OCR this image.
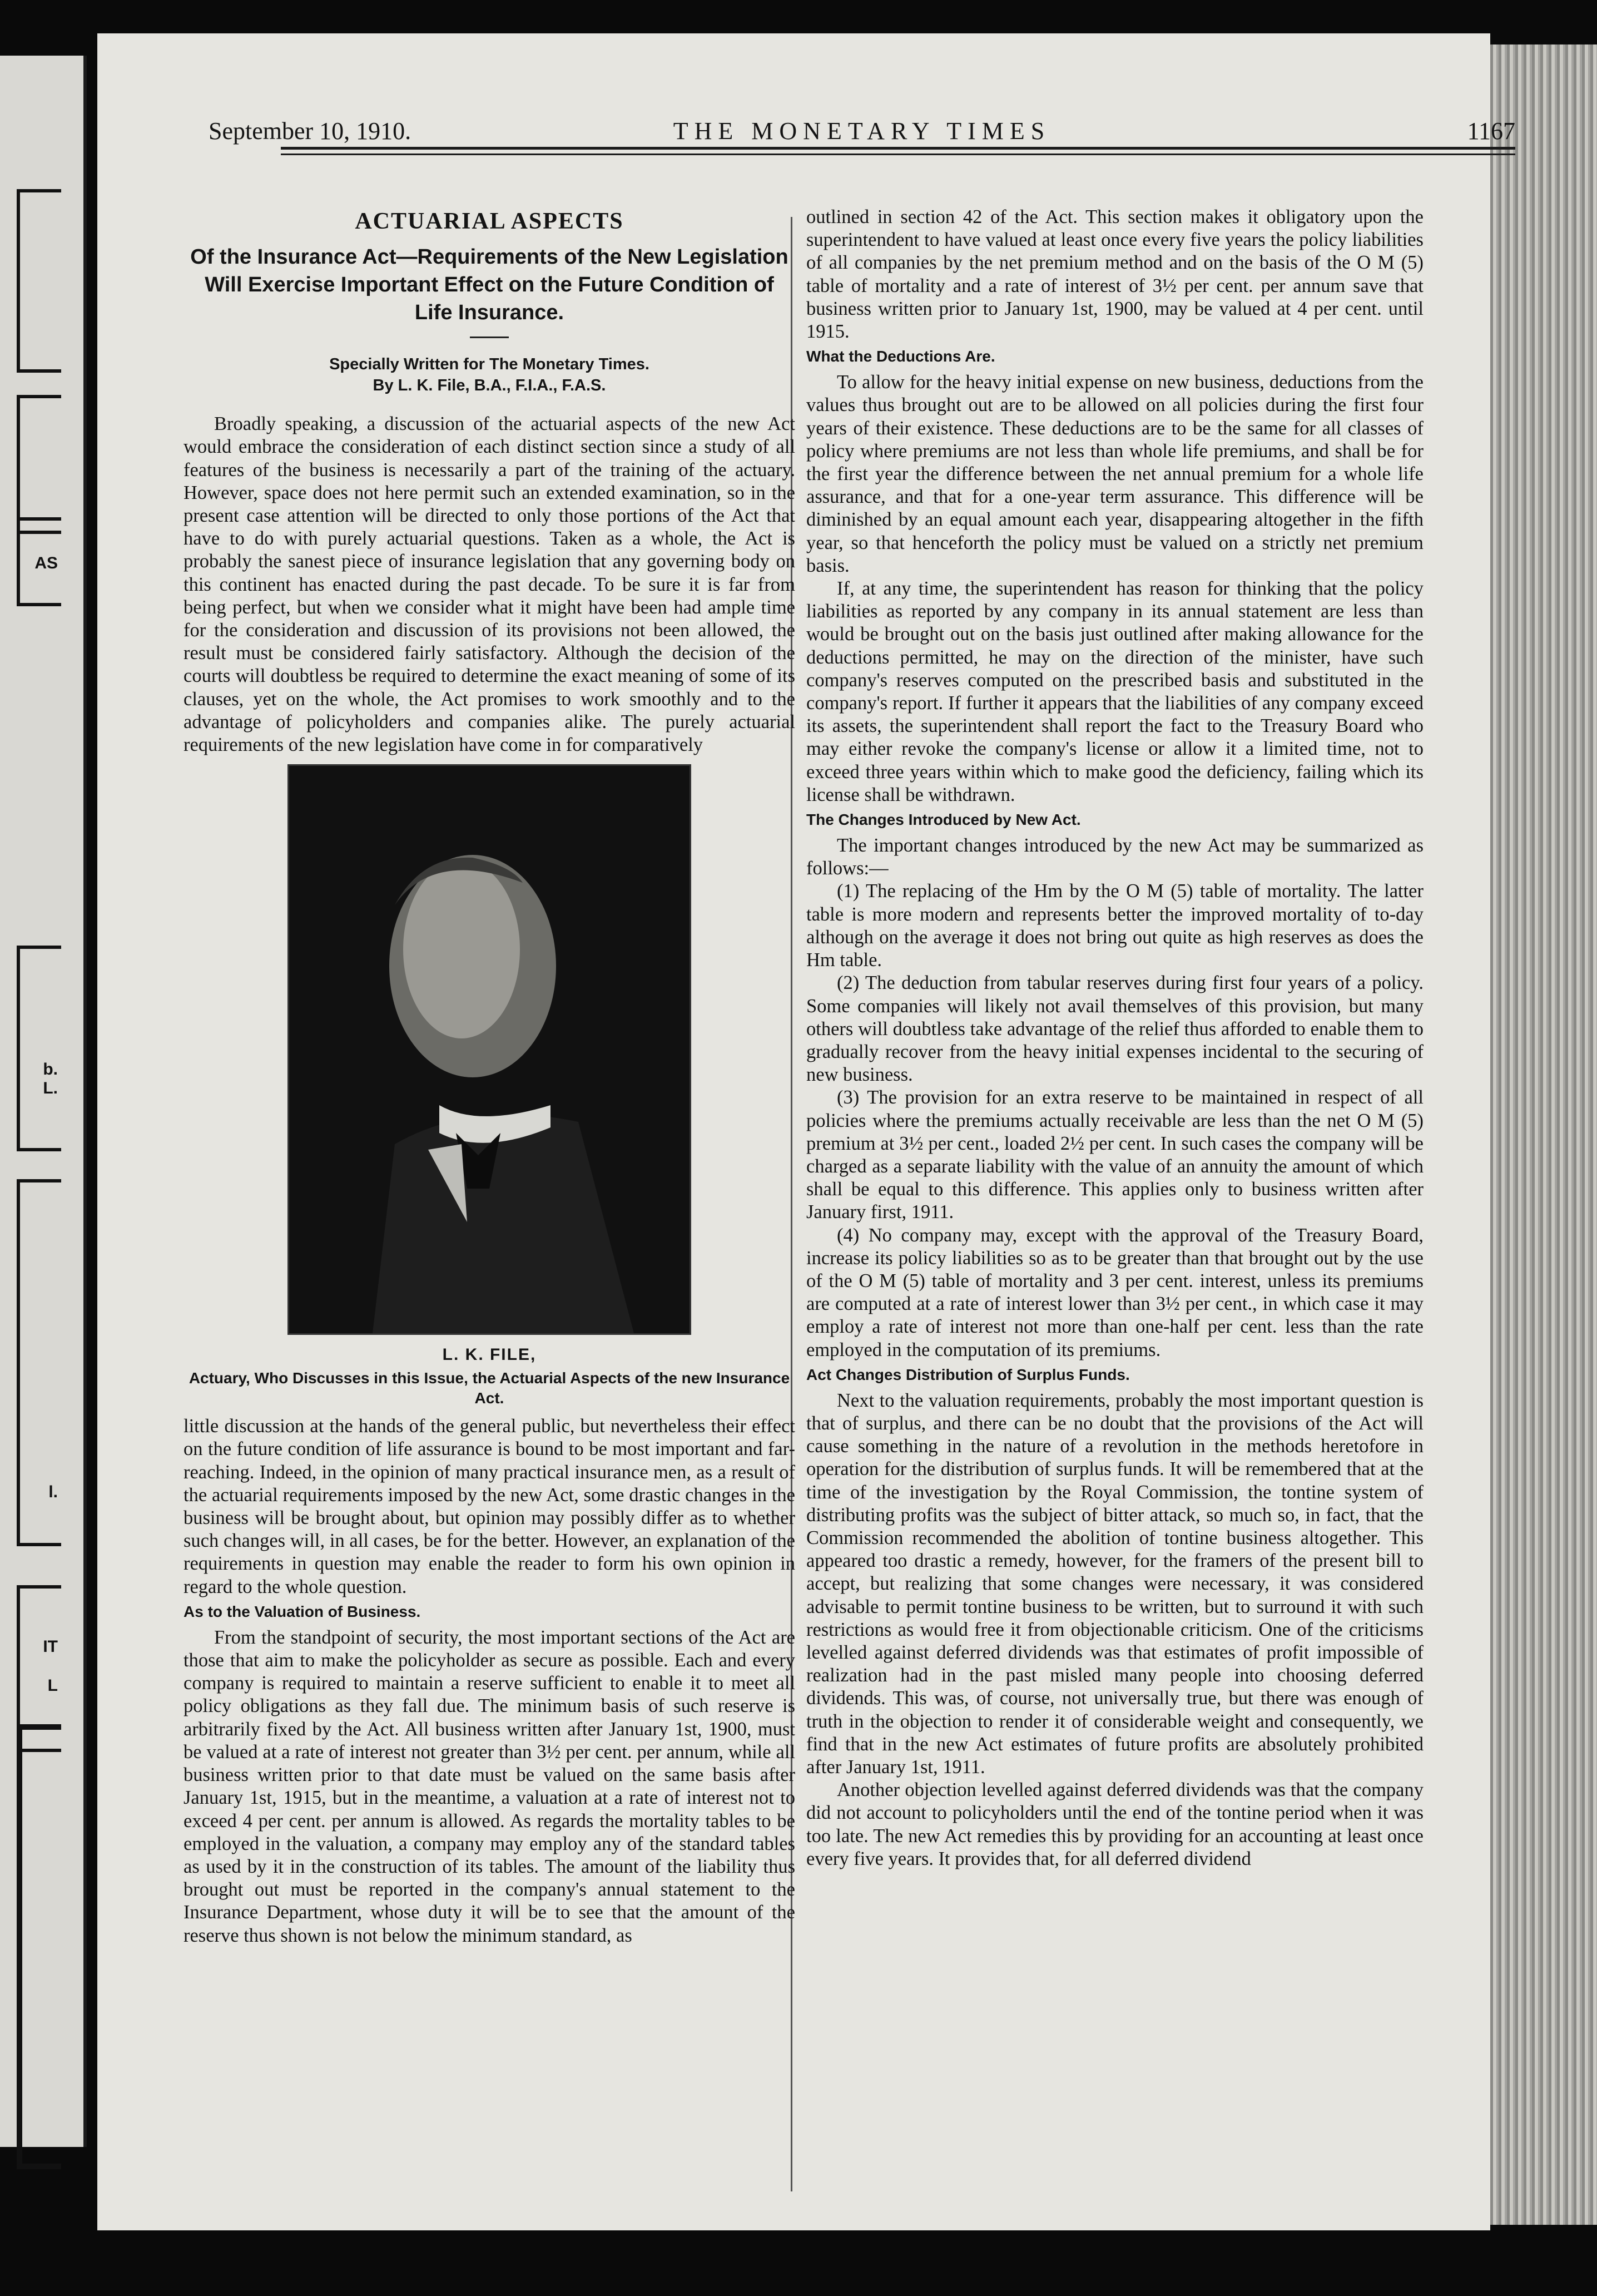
AS
b.
L.
l.
IT
L
September 10, 1910.	THE MONETARY TIMES	1167
ACTUARIAL ASPECTS
Of the Insurance Act—Requirements of the New Legislation Will Exercise Important Effect on the Future Condition of Life Insurance.
Specially Written for The Monetary Times.
By L. K. File, B.A., F.I.A., F.A.S.

Broadly speaking, a discussion of the actuarial aspects of the new Act would embrace the consideration of each distinct section since a study of all features of the business is necessarily a part of the training of the actuary. However, space does not here permit such an extended examination, so in the present case attention will be directed to only those portions of the Act that have to do with purely actuarial questions. Taken as a whole, the Act is probably the sanest piece of insurance legislation that any governing body on this continent has enacted during the past decade. To be sure it is far from being perfect, but when we consider what it might have been had ample time for the consideration and discussion of its provisions not been allowed, the result must be considered fairly satisfactory. Although the decision of the courts will doubtless be required to determine the exact meaning of some of its clauses, yet on the whole, the Act promises to work smoothly and to the advantage of policyholders and companies alike. The purely actuarial requirements of the new legislation have come in for comparatively

L. K. FILE,
Actuary, Who Discusses in this Issue, the Actuarial Aspects of the new Insurance Act.

little discussion at the hands of the general public, but nevertheless their effect on the future condition of life assurance is bound to be most important and far-reaching. Indeed, in the opinion of many practical insurance men, as a result of the actuarial requirements imposed by the new Act, some drastic changes in the business will be brought about, but opinion may possibly differ as to whether such changes will, in all cases, be for the better. However, an explanation of the requirements in question may enable the reader to form his own opinion in regard to the whole question.

As to the Valuation of Business.

From the standpoint of security, the most important sections of the Act are those that aim to make the policyholder as secure as possible. Each and every company is required to maintain a reserve sufficient to enable it to meet all policy obligations as they fall due. The minimum basis of such reserve is arbitrarily fixed by the Act. All business written after January 1st, 1900, must be valued at a rate of interest not greater than 3½ per cent. per annum, while all business written prior to that date must be valued on the same basis after January 1st, 1915, but in the meantime, a valuation at a rate of interest not to exceed 4 per cent. per annum is allowed. As regards the mortality tables to be employed in the valuation, a company may employ any of the standard tables as used by it in the construction of its tables. The amount of the liability thus brought out must be reported in the company's annual statement to the Insurance Department, whose duty it will be to see that the amount of the reserve thus shown is not below the minimum standard, as

outlined in section 42 of the Act. This section makes it obligatory upon the superintendent to have valued at least once every five years the policy liabilities of all companies by the net premium method and on the basis of the O M (5) table of mortality and a rate of interest of 3½ per cent. per annum save that business written prior to January 1st, 1900, may be valued at 4 per cent. until 1915.

What the Deductions Are.

To allow for the heavy initial expense on new business, deductions from the values thus brought out are to be allowed on all policies during the first four years of their existence. These deductions are to be the same for all classes of policy where premiums are not less than whole life premiums, and shall be for the first year the difference between the net annual premium for a whole life assurance, and that for a one-year term assurance. This difference will be diminished by an equal amount each year, disappearing altogether in the fifth year, so that henceforth the policy must be valued on a strictly net premium basis.

If, at any time, the superintendent has reason for thinking that the policy liabilities as reported by any company in its annual statement are less than would be brought out on the basis just outlined after making allowance for the deductions permitted, he may on the direction of the minister, have such company's reserves computed on the prescribed basis and substituted in the company's report. If further it appears that the liabilities of any company exceed its assets, the superintendent shall report the fact to the Treasury Board who may either revoke the company's license or allow it a limited time, not to exceed three years within which to make good the deficiency, failing which its license shall be withdrawn.

The Changes Introduced by New Act.

The important changes introduced by the new Act may be summarized as follows:—

(1) The replacing of the Hm by the O M (5) table of mortality. The latter table is more modern and represents better the improved mortality of to-day although on the average it does not bring out quite as high reserves as does the Hm table.

(2) The deduction from tabular reserves during first four years of a policy. Some companies will likely not avail themselves of this provision, but many others will doubtless take advantage of the relief thus afforded to enable them to gradually recover from the heavy initial expenses incidental to the securing of new business.

(3) The provision for an extra reserve to be maintained in respect of all policies where the premiums actually receivable are less than the net O M (5) premium at 3½ per cent., loaded 2½ per cent. In such cases the company will be charged as a separate liability with the value of an annuity the amount of which shall be equal to this difference. This applies only to business written after January first, 1911.

(4) No company may, except with the approval of the Treasury Board, increase its policy liabilities so as to be greater than that brought out by the use of the O M (5) table of mortality and 3 per cent. interest, unless its premiums are computed at a rate of interest lower than 3½ per cent., in which case it may employ a rate of interest not more than one-half per cent. less than the rate employed in the computation of its premiums.

Act Changes Distribution of Surplus Funds.

Next to the valuation requirements, probably the most important question is that of surplus, and there can be no doubt that the provisions of the Act will cause something in the nature of a revolution in the methods heretofore in operation for the distribution of surplus funds. It will be remembered that at the time of the investigation by the Royal Commission, the tontine system of distributing profits was the subject of bitter attack, so much so, in fact, that the Commission recommended the abolition of tontine business altogether. This appeared too drastic a remedy, however, for the framers of the present bill to accept, but realizing that some changes were necessary, it was considered advisable to permit tontine business to be written, but to surround it with such restrictions as would free it from objectionable criticism. One of the criticisms levelled against deferred dividends was that estimates of profit impossible of realization had in the past misled many people into choosing deferred dividends. This was, of course, not universally true, but there was enough of truth in the objection to render it of considerable weight and consequently, we find that in the new Act estimates of future profits are absolutely prohibited after January 1st, 1911.

Another objection levelled against deferred dividends was that the company did not account to policyholders until the end of the tontine period when it was too late. The new Act remedies this by providing for an accounting at least once every five years. It provides that, for all deferred dividend
